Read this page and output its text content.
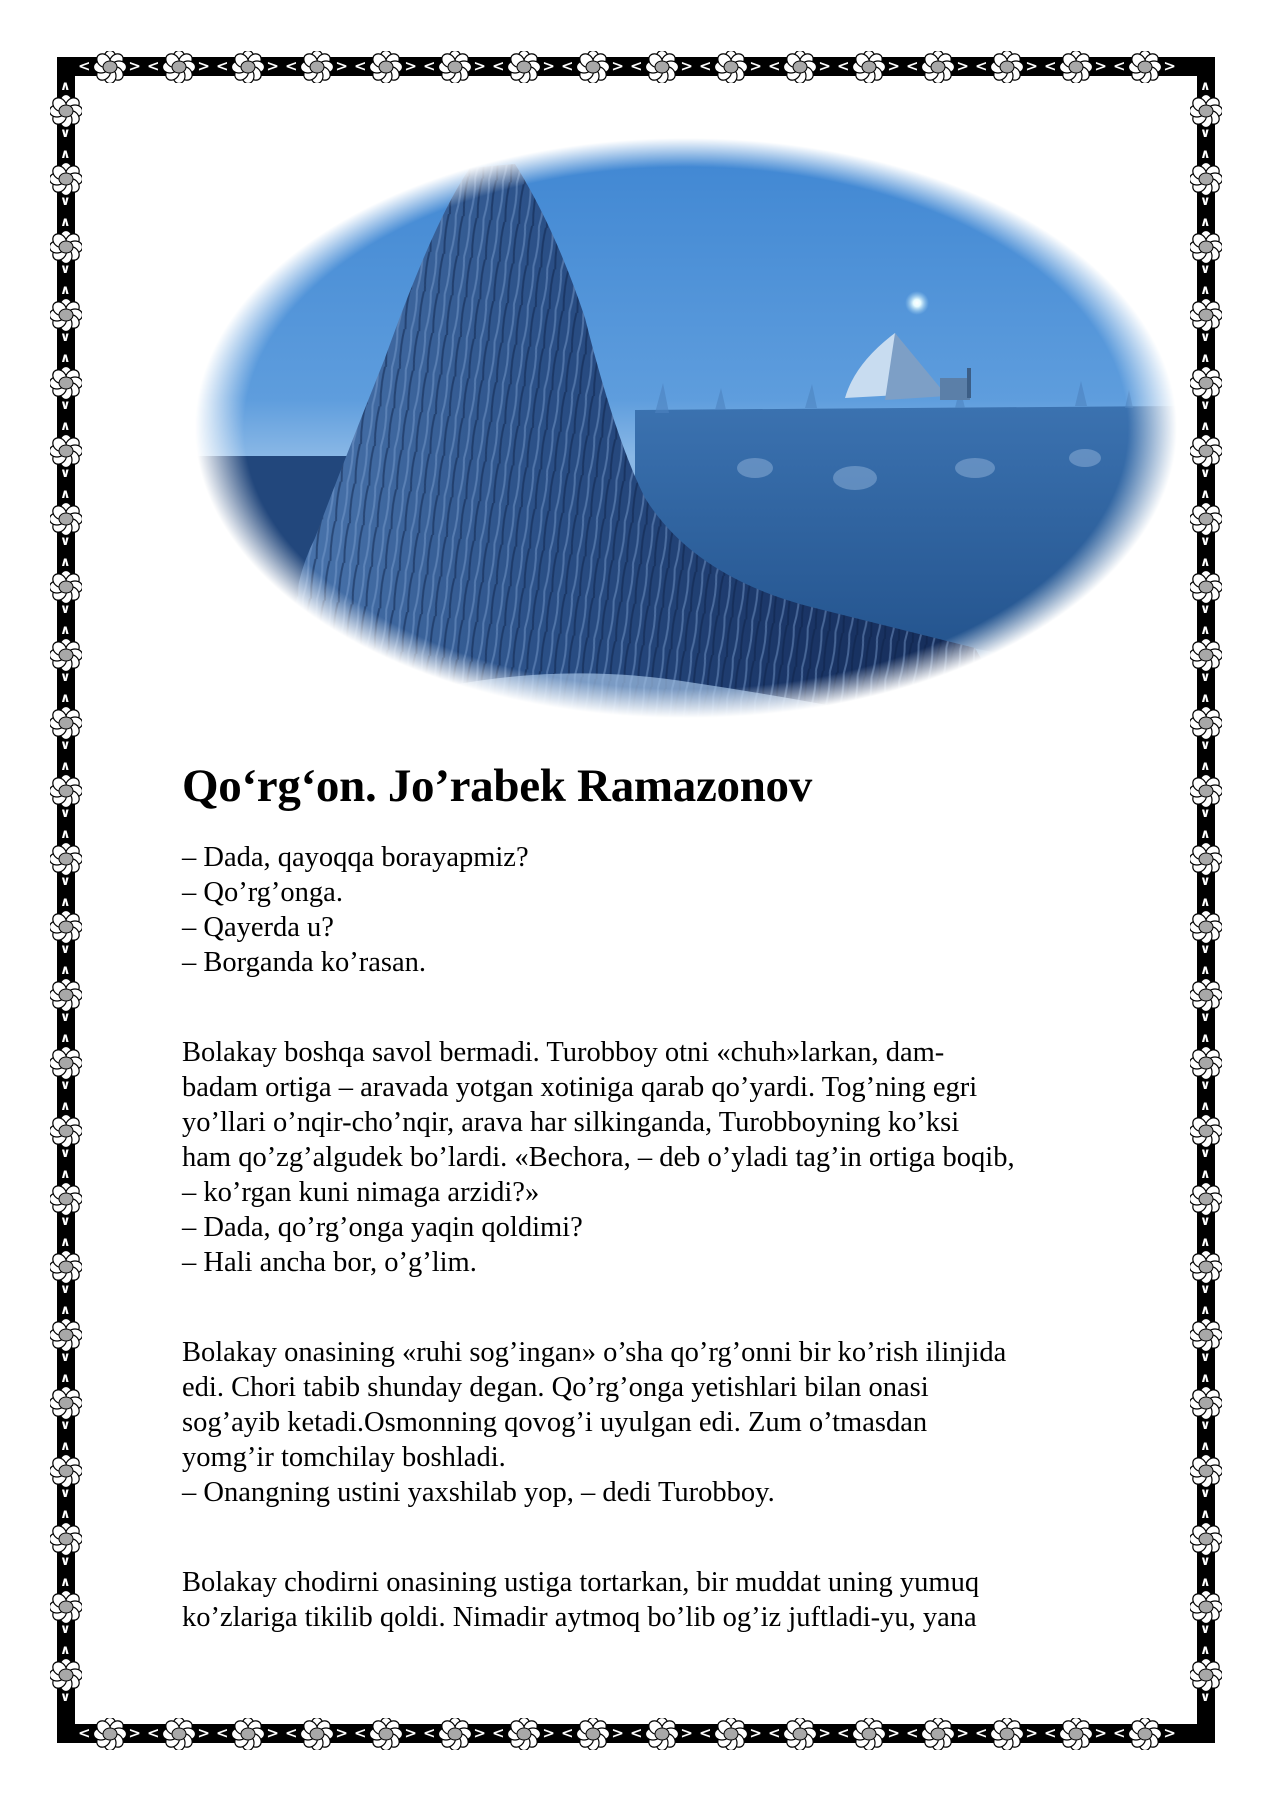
<	> <	> <	> <	> <	> <	> <	> <	> <	> <	> <	> <	> <	> <	> <	> <	>
<	> <	> <	> <	> <	> <	> <	> <	> <	> <	> <	> <	> <	> <	> <	> <	>
∧
∨
∧
∨
∧
∨
∧
∨
∧
∨
∧
∨
∧
∨
∧
∨
∧
∨
∧
∨
∧
∨
∧
∨
∧
∨
∧
∨
∧
∨
∧
∨
∧
∨
∧
∨
∧
∨
∧
∨
∧
∨
∧
∨
∧
∨
∧
∨
∧
∨
∧
∨
∧
∨
∧
∨
∧
∨
∧
∨
∧
∨
∧
∨
∧
∨
∧
∨
∧
∨
∧
∨
∧
∨
∧
∨
∧
∨
∧
∨
∧
∨
∧
∨
∧
∨
∧
∨
∧
∨
∧
∨
∧
∨
∧
∨
Qo‘rg‘on. Jo’rabek Ramazonov
– Dada, qayoqqa borayapmiz?
– Qo’rg’onga.
– Qayerda u?
– Borganda ko’rasan.
Bolakay boshqa savol bermadi. Turobboy otni «chuh»larkan, dam-
badam ortiga – aravada yotgan xotiniga qarab qo’yardi. Tog’ning egri
yo’llari o’nqir-cho’nqir, arava har silkinganda, Turobboyning ko’ksi
ham qo’zg’algudek bo’lardi. «Bechora, – deb o’yladi tag’in ortiga boqib,
– ko’rgan kuni nimaga arzidi?»
– Dada, qo’rg’onga yaqin qoldimi?
– Hali ancha bor, o’g’lim.
Bolakay onasining «ruhi sog’ingan» o’sha qo’rg’onni bir ko’rish ilinjida
edi. Chori tabib shunday degan. Qo’rg’onga yetishlari bilan onasi
sog’ayib ketadi.Osmonning qovog’i uyulgan edi. Zum o’tmasdan
yomg’ir tomchilay boshladi.
– Onangning ustini yaxshilab yop, – dedi Turobboy.
Bolakay chodirni onasining ustiga tortarkan, bir muddat uning yumuq
ko’zlariga tikilib qoldi. Nimadir aytmoq bo’lib og’iz juftladi-yu, yana
